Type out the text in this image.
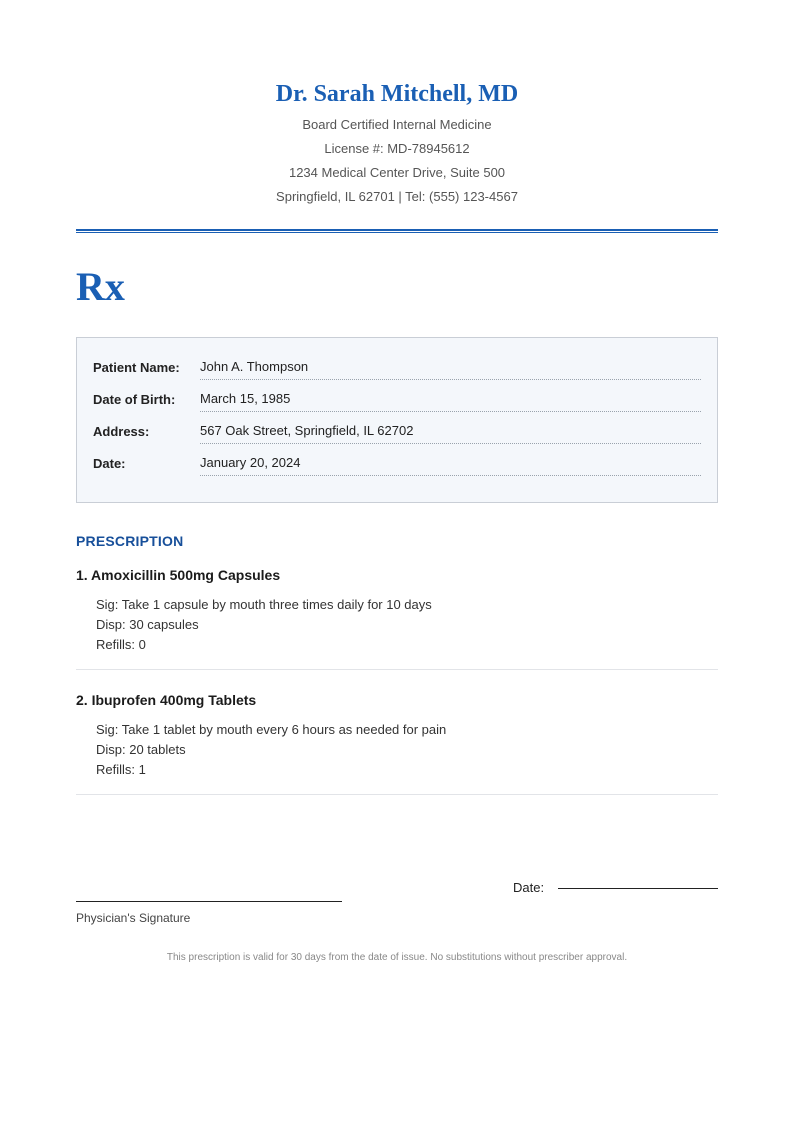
Dr. Sarah Mitchell, MD
Board Certified Internal Medicine
License #: MD-78945612
1234 Medical Center Drive, Suite 500
Springfield, IL 62701 | Tel: (555) 123-4567
Rx
Patient Name:	John A. Thompson
Date of Birth:	March 15, 1985
Address:	567 Oak Street, Springfield, IL 62702
Date:	January 20, 2024
PRESCRIPTION
1. Amoxicillin 500mg Capsules
Sig: Take 1 capsule by mouth three times daily for 10 days
Disp: 30 capsules
Refills: 0
2. Ibuprofen 400mg Tablets
Sig: Take 1 tablet by mouth every 6 hours as needed for pain
Disp: 20 tablets
Refills: 1
Date:
Physician's Signature
This prescription is valid for 30 days from the date of issue. No substitutions without prescriber approval.
